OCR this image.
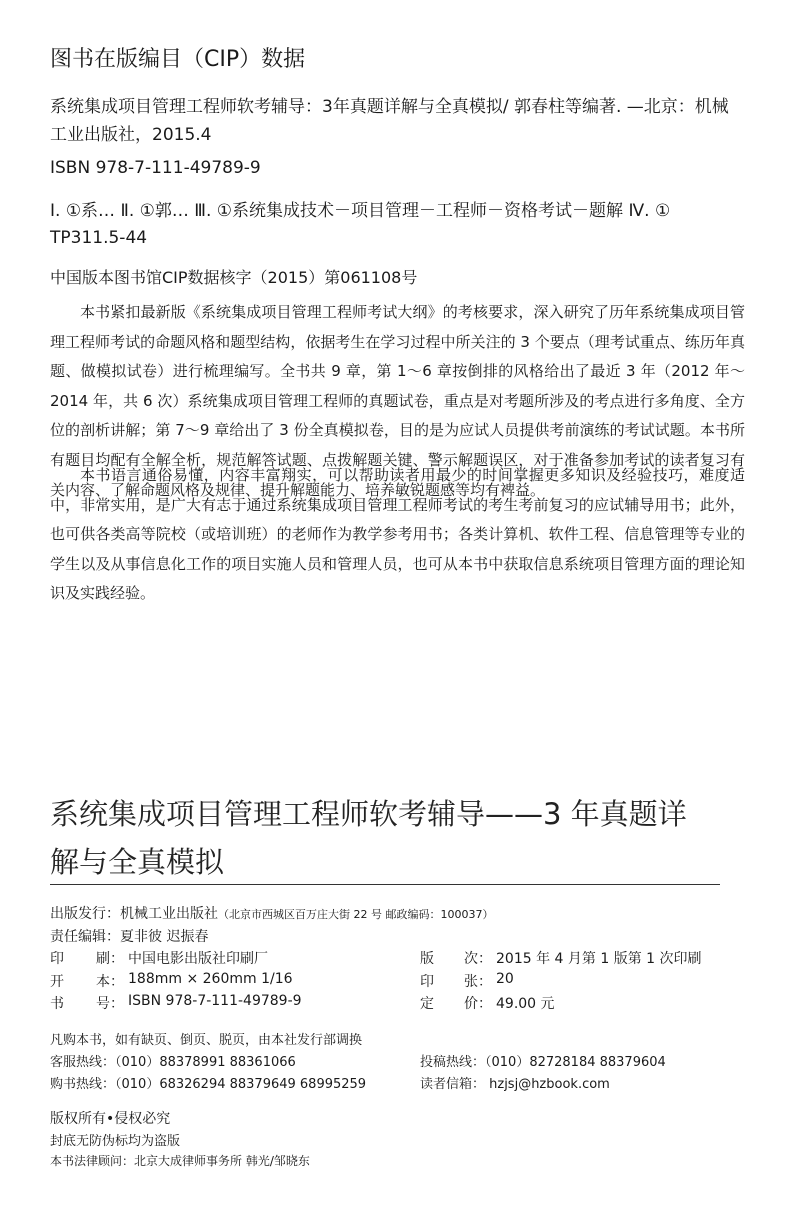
图书在版编目（CIP）数据
系统集成项目管理工程师软考辅导：3年真题详解与全真模拟/ 郭春柱等编著. —北京：机械
工业出版社，2015.4
ISBN 978-7-111-49789-9
Ⅰ. ①系… Ⅱ. ①郭… Ⅲ. ①系统集成技术－项目管理－工程师－资格考试－题解 Ⅳ. ①
TP311.5-44
中国版本图书馆CIP数据核字（2015）第061108号
本书紧扣最新版《系统集成项目管理工程师考试大纲》的考核要求，深入研究了历年系统集成项目管理工程师考试的命题风格和题型结构，依据考生在学习过程中所关注的 3 个要点（理考试重点、练历年真题、做模拟试卷）进行梳理编写。全书共 9 章，第 1～6 章按倒排的风格给出了最近 3 年（2012 年～2014 年，共 6 次）系统集成项目管理工程师的真题试卷，重点是对考题所涉及的考点进行多角度、全方位的剖析讲解；第 7～9 章给出了 3 份全真模拟卷，目的是为应试人员提供考前演练的考试试题。本书所有题目均配有全解全析，规范解答试题、点拨解题关键、警示解题误区，对于准备参加考试的读者复习有关内容、了解命题风格及规律、提升解题能力、培养敏锐题感等均有裨益。
本书语言通俗易懂，内容丰富翔实，可以帮助读者用最少的时间掌握更多知识及经验技巧，难度适中，非常实用，是广大有志于通过系统集成项目管理工程师考试的考生考前复习的应试辅导用书；此外，也可供各类高等院校（或培训班）的老师作为教学参考用书；各类计算机、软件工程、信息管理等专业的学生以及从事信息化工作的项目实施人员和管理人员，也可从本书中获取信息系统项目管理方面的理论知识及实践经验。
系统集成项目管理工程师软考辅导——3 年真题详
解与全真模拟
出版发行：机械工业出版社（北京市西城区百万庄大街 22 号 邮政编码：100037）
责任编辑：夏非彼 迟振春
印 刷： 中国电影出版社印刷厂
开 本： 188mm × 260mm 1/16
书 号： ISBN 978-7-111-49789-9
版 次： 2015 年 4 月第 1 版第 1 次印刷
印 张： 20
定 价： 49.00 元
凡购本书，如有缺页、倒页、脱页，由本社发行部调换
客服热线：（010）88378991 88361066
购书热线：（010）68326294 88379649 68995259
投稿热线：（010）82728184 88379604
读者信箱： hzjsj@hzbook.com
版权所有•侵权必究
封底无防伪标均为盗版
本书法律顾问：北京大成律师事务所 韩光/邹晓东
